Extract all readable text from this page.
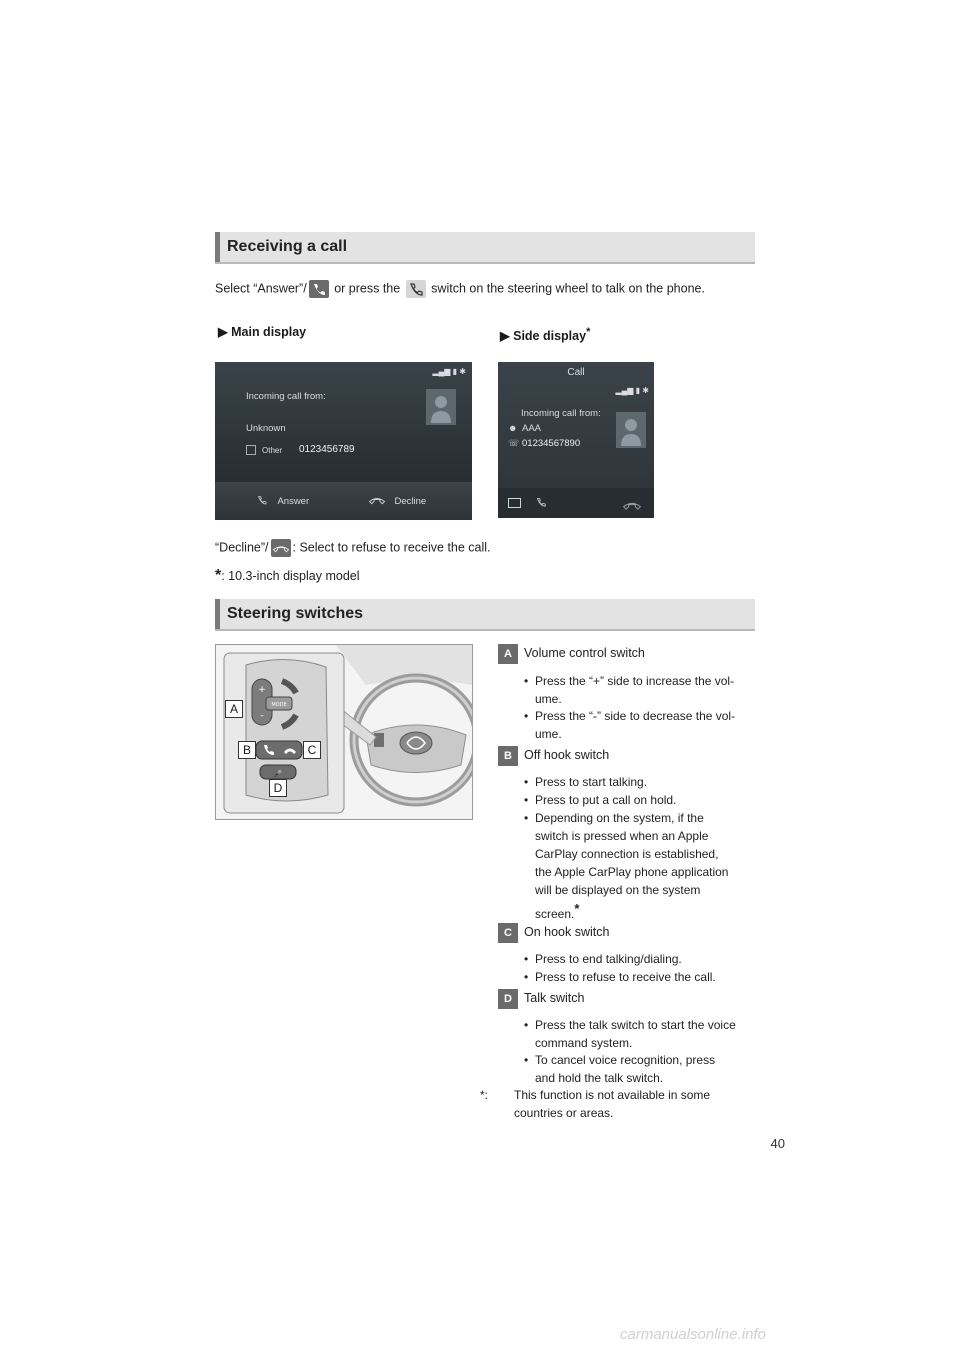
Receiving a call
Select “Answer”/ or press the switch on the steering wheel to talk on the phone.
▶ Main display	▶ Side display*
▂▄▆ ▮ ✱
Incoming call from:
Unknown
Other 0123456789
Answer	Decline
Call
▂▄▆ ▮ ✱
Incoming call from:
☻ AAA
☏ 01234567890
“Decline”/ : Select to refuse to receive the call.
*: 10.3-inch display model
Steering switches
+
-
MODE
🎤
A
B	C
D
A Volume control switch
• Press the “+” side to increase the vol-
ume.
• Press the “-” side to decrease the vol-
ume.
B Off hook switch
• Press to start talking.
• Press to put a call on hold.
• Depending on the system, if the
switch is pressed when an Apple
CarPlay connection is established,
the Apple CarPlay phone application
will be displayed on the system
screen.*
C On hook switch
• Press to end talking/dialing.
• Press to refuse to receive the call.
D Talk switch
• Press the talk switch to start the voice
command system.
• To cancel voice recognition, press
and hold the talk switch.
*: This function is not available in some
countries or areas.
40
carmanualsonline.info
